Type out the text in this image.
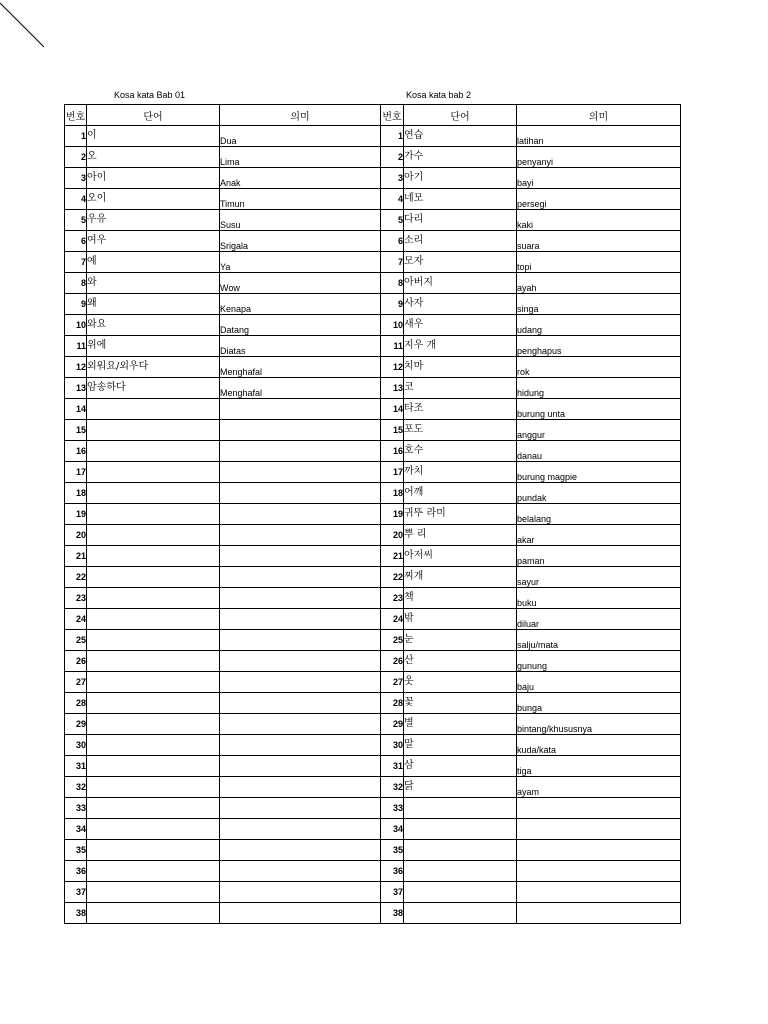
Kosa kata Bab 01	Kosa kata bab 2
번호	단어	의미
1	이	Dua
2	오	Lima
3	아이	Anak
4	오이	Timun
5	우유	Susu
6	여우	Srigala
7	예	Ya
8	와	Wow
9	왜	Kenapa
10	와요	Datang
11	위에	Diatas
12	외워요/외우다	Menghafal
13	암송하다	Menghafal
14		
15		
16		
17		
18		
19		
20		
21		
22		
23		
24		
25		
26		
27		
28		
29		
30		
31		
32		
33		
34		
35		
36		
37		
38		
번호	단어	의미
1	연습	latihan
2	가수	penyanyi
3	아기	bayi
4	네모	persegi
5	다리	kaki
6	소리	suara
7	모자	topi
8	아버지	ayah
9	사자	singa
10	새우	udang
11	지우 개	penghapus
12	치마	rok
13	코	hidung
14	타조	burung unta
15	포도	anggur
16	호수	danau
17	까치	burung magpie
18	어깨	pundak
19	귀뚜 라미	belalang
20	뿌 리	akar
21	아저씨	paman
22	찌개	sayur
23	책	buku
24	밖	diluar
25	눈	salju/mata
26	산	gunung
27	옷	baju
28	꽃	bunga
29	별	bintang/khususnya
30	말	kuda/kata
31	삼	tiga
32	닭	ayam
33		
34		
35		
36		
37		
38		
